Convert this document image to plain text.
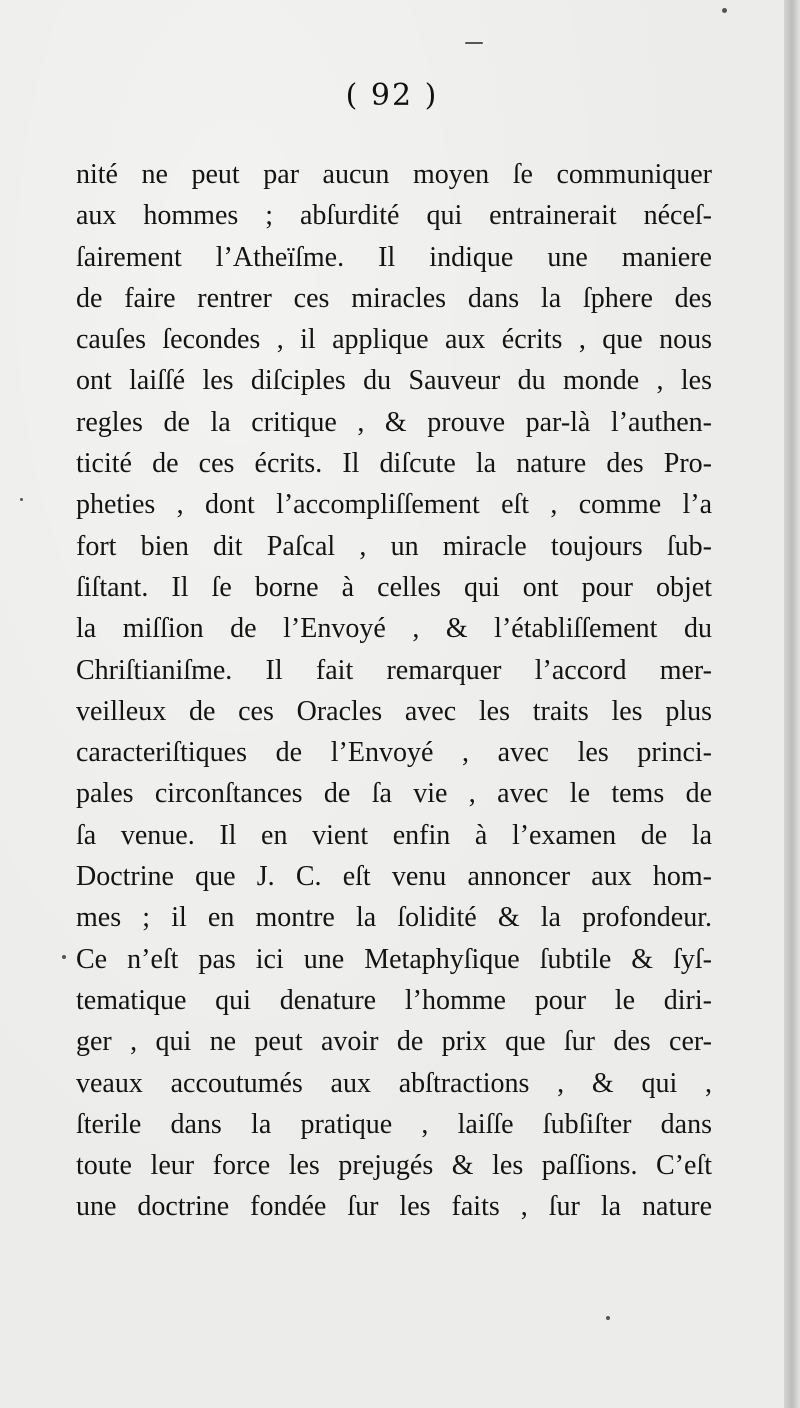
( 92 )
nité ne peut par aucun moyen ſe communiquer
aux hommes ; abſurdité qui entrainerait néceſ-
ſairement l’Atheïſme. Il indique une maniere
de faire rentrer ces miracles dans la ſphere des
cauſes ſecondes , il applique aux écrits , que nous
ont laiſſé les diſciples du Sauveur du monde , les
regles de la critique , & prouve par-là l’authen-
ticité de ces écrits. Il diſcute la nature des Pro-
pheties , dont l’accompliſſement eſt , comme l’a
fort bien dit Paſcal , un miracle toujours ſub-
ſiſtant. Il ſe borne à celles qui ont pour objet
la miſſion de l’Envoyé , & l’établiſſement du
Chriſtianiſme. Il fait remarquer l’accord mer-
veilleux de ces Oracles avec les traits les plus
caracteriſtiques de l’Envoyé , avec les princi-
pales circonſtances de ſa vie , avec le tems de
ſa venue. Il en vient enfin à l’examen de la
Doctrine que J. C. eſt venu annoncer aux hom-
mes ; il en montre la ſolidité & la profondeur.
Ce n’eſt pas ici une Metaphyſique ſubtile & ſyſ-
tematique qui denature l’homme pour le diri-
ger , qui ne peut avoir de prix que ſur des cer-
veaux accoutumés aux abſtractions , & qui ,
ſterile dans la pratique , laiſſe ſubſiſter dans
toute leur force les prejugés & les paſſions. C’eſt
une doctrine fondée ſur les faits , ſur la nature
